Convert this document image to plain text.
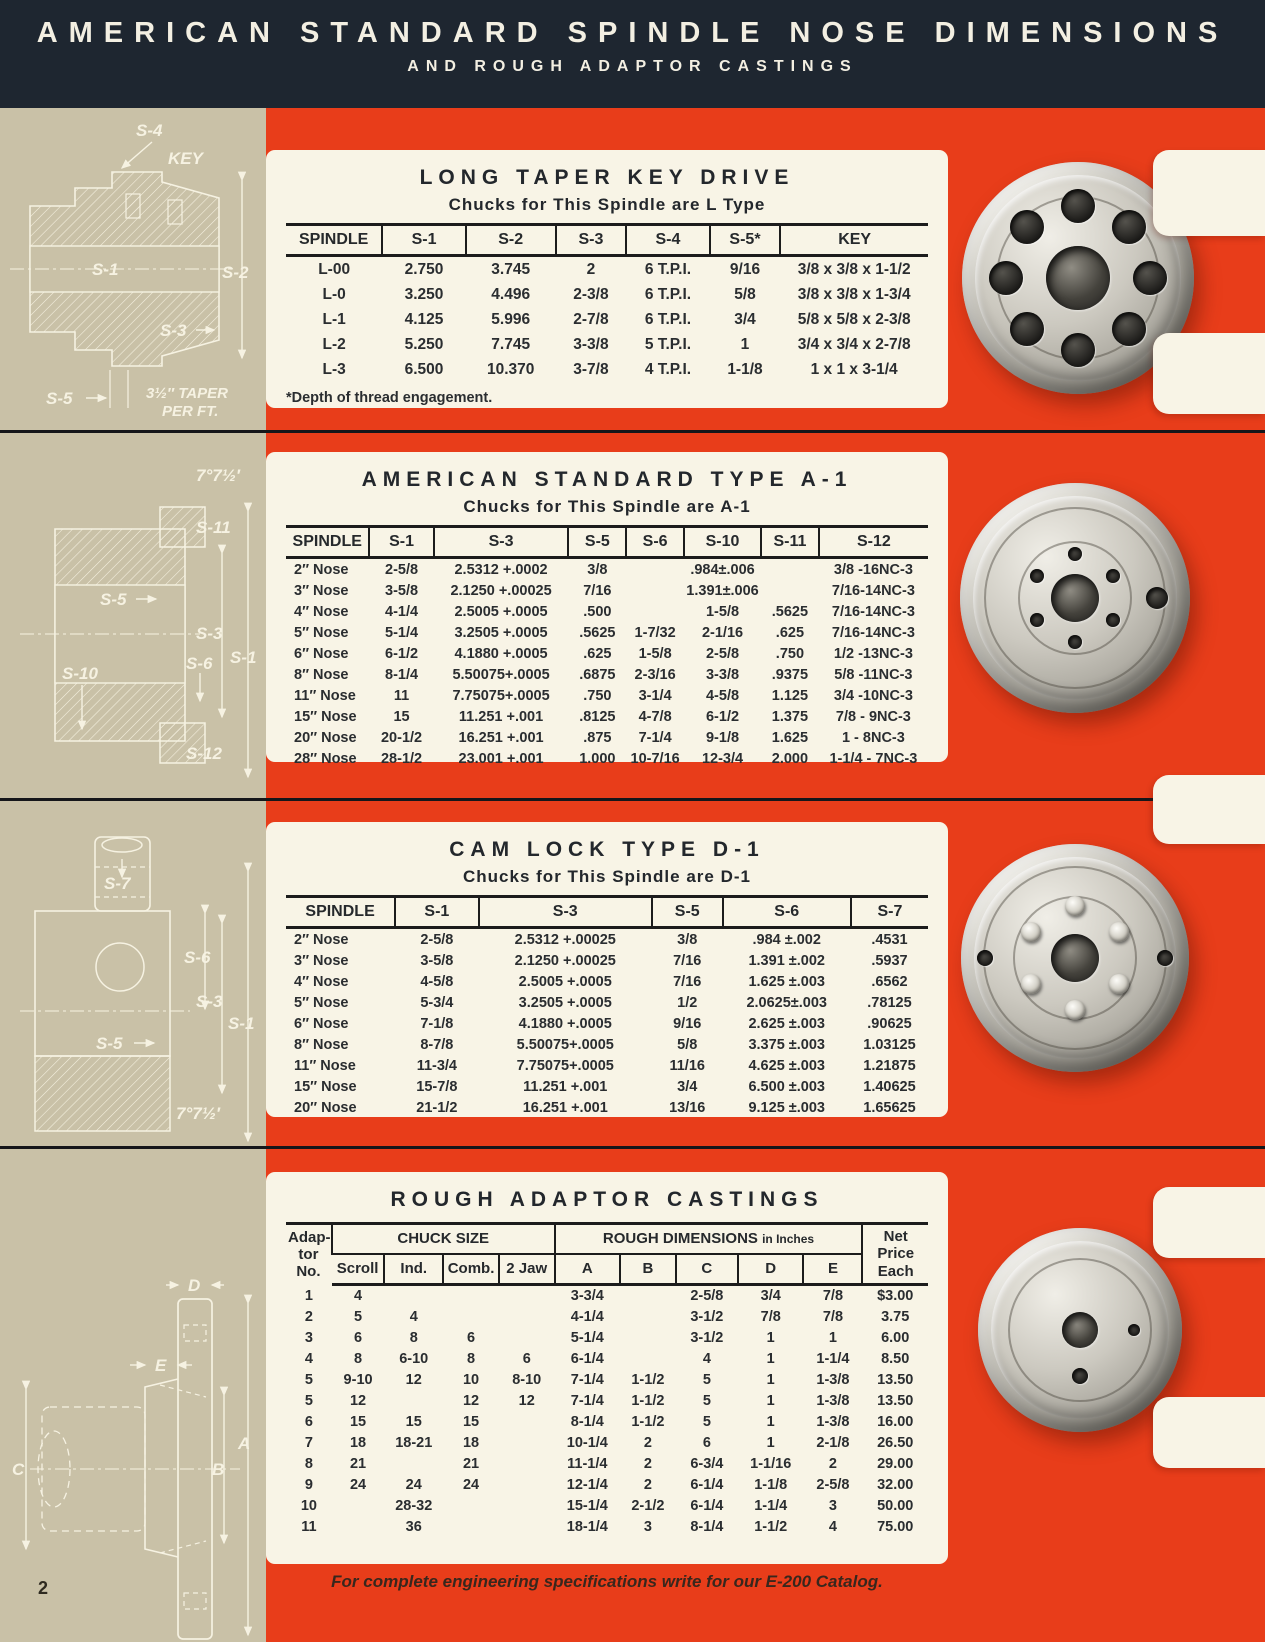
AMERICAN STANDARD SPINDLE NOSE DIMENSIONS
AND ROUGH ADAPTOR CASTINGS
S-4
KEY
S-1	S-2
S-3
S-5	3½″ TAPER
PER FT.
7°7½′
S-11
S-5
S-3
S-1
S-10
S-6
S-12
S-7
S-6
S-3
S-1
S-5
7°7½′
D
E
C	B
A
LONG TAPER KEY DRIVE
Chucks for This Spindle are L Type
SPINDLE	S-1	S-2	S-3	S-4	S-5*	KEY
L-00	2.750	3.745	2	6 T.P.I.	9/16	3/8 x 3/8 x 1-1/2
L-0	3.250	4.496	2-3/8	6 T.P.I.	5/8	3/8 x 3/8 x 1-3/4
L-1	4.125	5.996	2-7/8	6 T.P.I.	3/4	5/8 x 5/8 x 2-3/8
L-2	5.250	7.745	3-3/8	5 T.P.I.	1	3/4 x 3/4 x 2-7/8
L-3	6.500	10.370	3-7/8	4 T.P.I.	1-1/8	1 x 1 x 3-1/4
*Depth of thread engagement.
AMERICAN STANDARD TYPE A-1
Chucks for This Spindle are A-1
SPINDLE	S-1	S-3	S-5	S-6	S-10	S-11	S-12
2″ Nose	2-5/8	2.5312 +.0002	3/8		.984±.006		3/8 -16NC-3
3″ Nose	3-5/8	2.1250 +.00025	7/16		1.391±.006		7/16-14NC-3
4″ Nose	4-1/4	2.5005 +.0005	.500		1-5/8	.5625	7/16-14NC-3
5″ Nose	5-1/4	3.2505 +.0005	.5625	1-7/32	2-1/16	.625	7/16-14NC-3
6″ Nose	6-1/2	4.1880 +.0005	.625	1-5/8	2-5/8	.750	1/2 -13NC-3
8″ Nose	8-1/4	5.50075+.0005	.6875	2-3/16	3-3/8	.9375	5/8 -11NC-3
11″ Nose	11	7.75075+.0005	.750	3-1/4	4-5/8	1.125	3/4 -10NC-3
15″ Nose	15	11.251 +.001	.8125	4-7/8	6-1/2	1.375	7/8 - 9NC-3
20″ Nose	20-1/2	16.251 +.001	.875	7-1/4	9-1/8	1.625	1 - 8NC-3
28″ Nose	28-1/2	23.001 +.001	1.000	10-7/16	12-3/4	2.000	1-1/4 - 7NC-3
CAM LOCK TYPE D-1
Chucks for This Spindle are D-1
SPINDLE	S-1	S-3	S-5	S-6	S-7
2″ Nose	2-5/8	2.5312 +.00025	3/8	.984 ±.002	.4531
3″ Nose	3-5/8	2.1250 +.00025	7/16	1.391 ±.002	.5937
4″ Nose	4-5/8	2.5005 +.0005	7/16	1.625 ±.003	.6562
5″ Nose	5-3/4	3.2505 +.0005	1/2	2.0625±.003	.78125
6″ Nose	7-1/8	4.1880 +.0005	9/16	2.625 ±.003	.90625
8″ Nose	8-7/8	5.50075+.0005	5/8	3.375 ±.003	1.03125
11″ Nose	11-3/4	7.75075+.0005	11/16	4.625 ±.003	1.21875
15″ Nose	15-7/8	11.251 +.001	3/4	6.500 ±.003	1.40625
20″ Nose	21-1/2	16.251 +.001	13/16	9.125 ±.003	1.65625
ROUGH ADAPTOR CASTINGS
Adap-
tor
No.
	CHUCK SIZE	ROUGH DIMENSIONS in Inches	Net
Price
Each

	Scroll	Ind.	Comb.	2 Jaw	A	B	C	D	E	
1	4				3-3/4		2-5/8	3/4	7/8	$3.00
2	5	4			4-1/4		3-1/2	7/8	7/8	3.75
3	6	8	6		5-1/4		3-1/2	1	1	6.00
4	8	6-10	8	6	6-1/4		4	1	1-1/4	8.50
5	9-10	12	10	8-10	7-1/4	1-1/2	5	1	1-3/8	13.50
5	12		12	12	7-1/4	1-1/2	5	1	1-3/8	13.50
6	15	15	15		8-1/4	1-1/2	5	1	1-3/8	16.00
7	18	18-21	18		10-1/4	2	6	1	2-1/8	26.50
8	21		21		11-1/4	2	6-3/4	1-1/16	2	29.00
9	24	24	24		12-1/4	2	6-1/4	1-1/8	2-5/8	32.00
10		28-32			15-1/4	2-1/2	6-1/4	1-1/4	3	50.00
11		36			18-1/4	3	8-1/4	1-1/2	4	75.00
For complete engineering specifications write for our E-200 Catalog.
2
